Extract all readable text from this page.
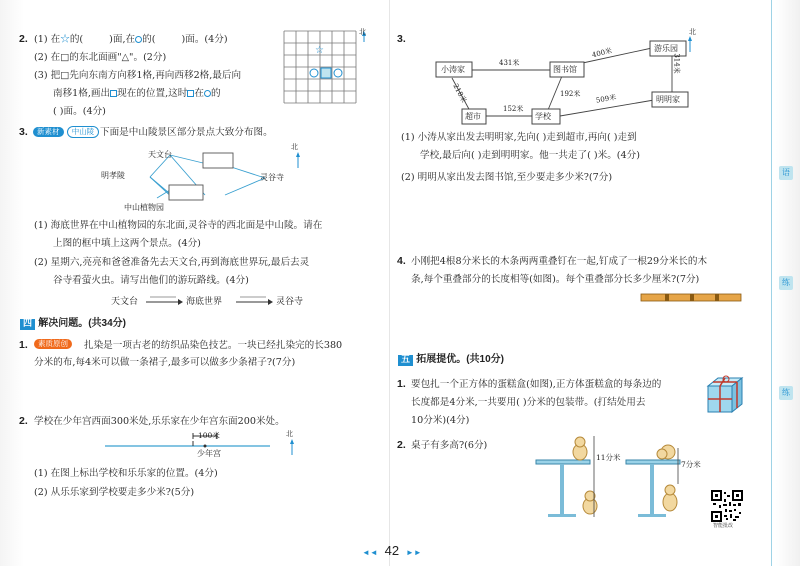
2. (1) 在☆的(	)面,在 的(	)面。(4分)
(2) 在□的东北面画"△"。(2分)
(3) 把□先向东南方向移1格,再向西移2格,最后向
南移1格,画出 现在的位置,这时 在 的
( )面。(4分)
☆
北
3.	新素材 中山陵 下面是中山陵景区部分景点大致分布图。
天文台
明孝陵	灵谷寺
中山植物园
北
(1) 海底世界在中山植物园的东北面,灵谷寺的西北面是中山陵。请在
上图的框中填上这两个景点。(4分)
(2) 星期六,亮亮和爸爸准备先去天文台,再到海底世界玩,最后去灵
谷寺看萤火虫。请写出他们的游玩路线。(4分)
天文台	海底世界	灵谷寺
四 解决问题。(共34分)
1.	素质原创	扎染是一项古老的纺织品染色技艺。一块已经扎染完的长380
分米的布,每4米可以做一条裙子,最多可以做多少条裙子?(7分)
2. 学校在少年宫西面300米处,乐乐家在少年宫东面200米处。
100米
少年宫
北
(1) 在图上标出学校和乐乐家的位置。(4分)
(2) 从乐乐家到学校要走多少米?(5分)
3.
小涛家	图书馆
游乐园
超市	学校
明明家
431米
400米
314米
218米	192米
152米
509米
北
(1) 小涛从家出发去明明家,先向( )走到超市,再向( )走到
学校,最后向( )走到明明家。他一共走了( )米。(4分)
(2) 明明从家出发去图书馆,至少要走多少米?(7分)
4. 小刚把4根8分米长的木条两两重叠钉在一起,钉成了一根29分米长的木
条,每个重叠部分的长度相等(如图)。每个重叠部分长多少厘米?(7分)
五 拓展提优。(共10分)
1. 要包扎一个正方体的蛋糕盒(如图),正方体蛋糕盒的每条边的
长度都是4分米,一共要用( )分米的包装带。(打结处用去
10分米)(4分)
2. 桌子有多高?(6分)
11分米
7分米
智能批改
语
练
练
◄◄ 42 ►►
